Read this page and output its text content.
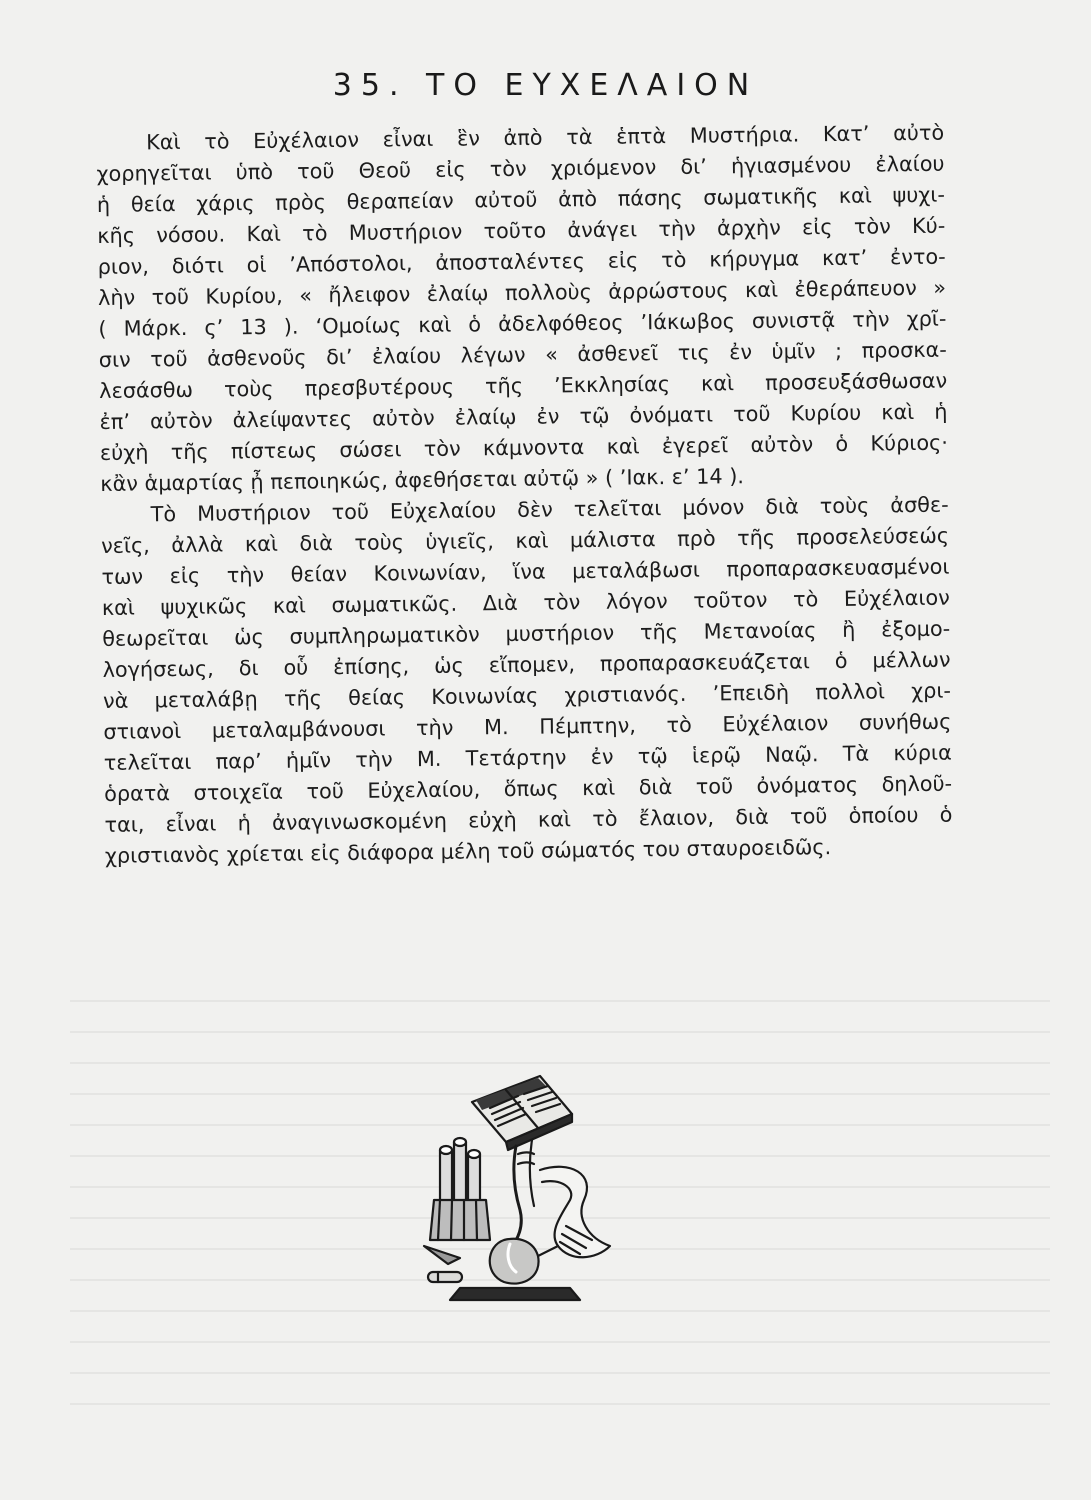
35. ΤΟ ΕΥΧΕΛΑΙΟΝ
Καὶ τὸ Εὐχέλαιον εἶναι ἓν ἀπὸ τὰ ἑπτὰ Μυστήρια. Κατ’ αὐτὸ
χορηγεῖται ὑπὸ τοῦ Θεοῦ εἰς τὸν χριόμενον δι’ ἡγιασμένου ἐλαίου
ἡ θεία χάρις πρὸς θεραπείαν αὐτοῦ ἀπὸ πάσης σωματικῆς καὶ ψυχι-
κῆς νόσου. Καὶ τὸ Μυστήριον τοῦτο ἀνάγει τὴν ἀρχὴν εἰς τὸν Κύ-
ριον, διότι οἱ ’Απόστολοι, ἀποσταλέντες εἰς τὸ κήρυγμα κατ’ ἐντο-
λὴν τοῦ Κυρίου, « ἤλειφον ἐλαίῳ πολλοὺς ἀρρώστους καὶ ἐθεράπευον »
( Μάρκ. ς’ 13 ). ‘Ομοίως καὶ ὁ ἀδελφόθεος ’Ιάκωβος συνιστᾷ τὴν χρῖ-
σιν τοῦ ἀσθενοῦς δι’ ἐλαίου λέγων « ἀσθενεῖ τις ἐν ὑμῖν ; προσκα-
λεσάσθω τοὺς πρεσβυτέρους τῆς ’Εκκλησίας καὶ προσευξάσθωσαν
ἐπ’ αὐτὸν ἀλείψαντες αὐτὸν ἐλαίῳ ἐν τῷ ὀνόματι τοῦ Κυρίου καὶ ἡ
εὐχὴ τῆς πίστεως σώσει τὸν κάμνοντα καὶ ἐγερεῖ αὐτὸν ὁ Κύριος·
κἂν ἁμαρτίας ᾖ πεποιηκώς, ἀφεθήσεται αὐτῷ » ( ’Ιακ. ε’ 14 ).
Τὸ Μυστήριον τοῦ Εὐχελαίου δὲν τελεῖται μόνον διὰ τοὺς ἀσθε-
νεῖς, ἀλλὰ καὶ διὰ τοὺς ὑγιεῖς, καὶ μάλιστα πρὸ τῆς προσελεύσεώς
των εἰς τὴν θείαν Κοινωνίαν, ἵνα μεταλάβωσι προπαρασκευασμένοι
καὶ ψυχικῶς καὶ σωματικῶς. Διὰ τὸν λόγον τοῦτον τὸ Εὐχέλαιον
θεωρεῖται ὡς συμπληρωματικὸν μυστήριον τῆς Μετανοίας ἢ ἐξομο-
λογήσεως, δι οὗ ἐπίσης, ὡς εἴπομεν, προπαρασκευάζεται ὁ μέλλων
νὰ μεταλάβῃ τῆς θείας Κοινωνίας χριστιανός. ’Επειδὴ πολλοὶ χρι-
στιανοὶ μεταλαμβάνουσι τὴν Μ. Πέμπτην, τὸ Εὐχέλαιον συνήθως
τελεῖται παρ’ ἡμῖν τὴν Μ. Τετάρτην ἐν τῷ ἱερῷ Ναῷ. Τὰ κύρια
ὁρατὰ στοιχεῖα τοῦ Εὐχελαίου, ὅπως καὶ διὰ τοῦ ὀνόματος δηλοῦ-
ται, εἶναι ἡ ἀναγινωσκομένη εὐχὴ καὶ τὸ ἔλαιον, διὰ τοῦ ὁποίου ὁ
χριστιανὸς χρίεται εἰς διάφορα μέλη τοῦ σώματός του σταυροειδῶς.
